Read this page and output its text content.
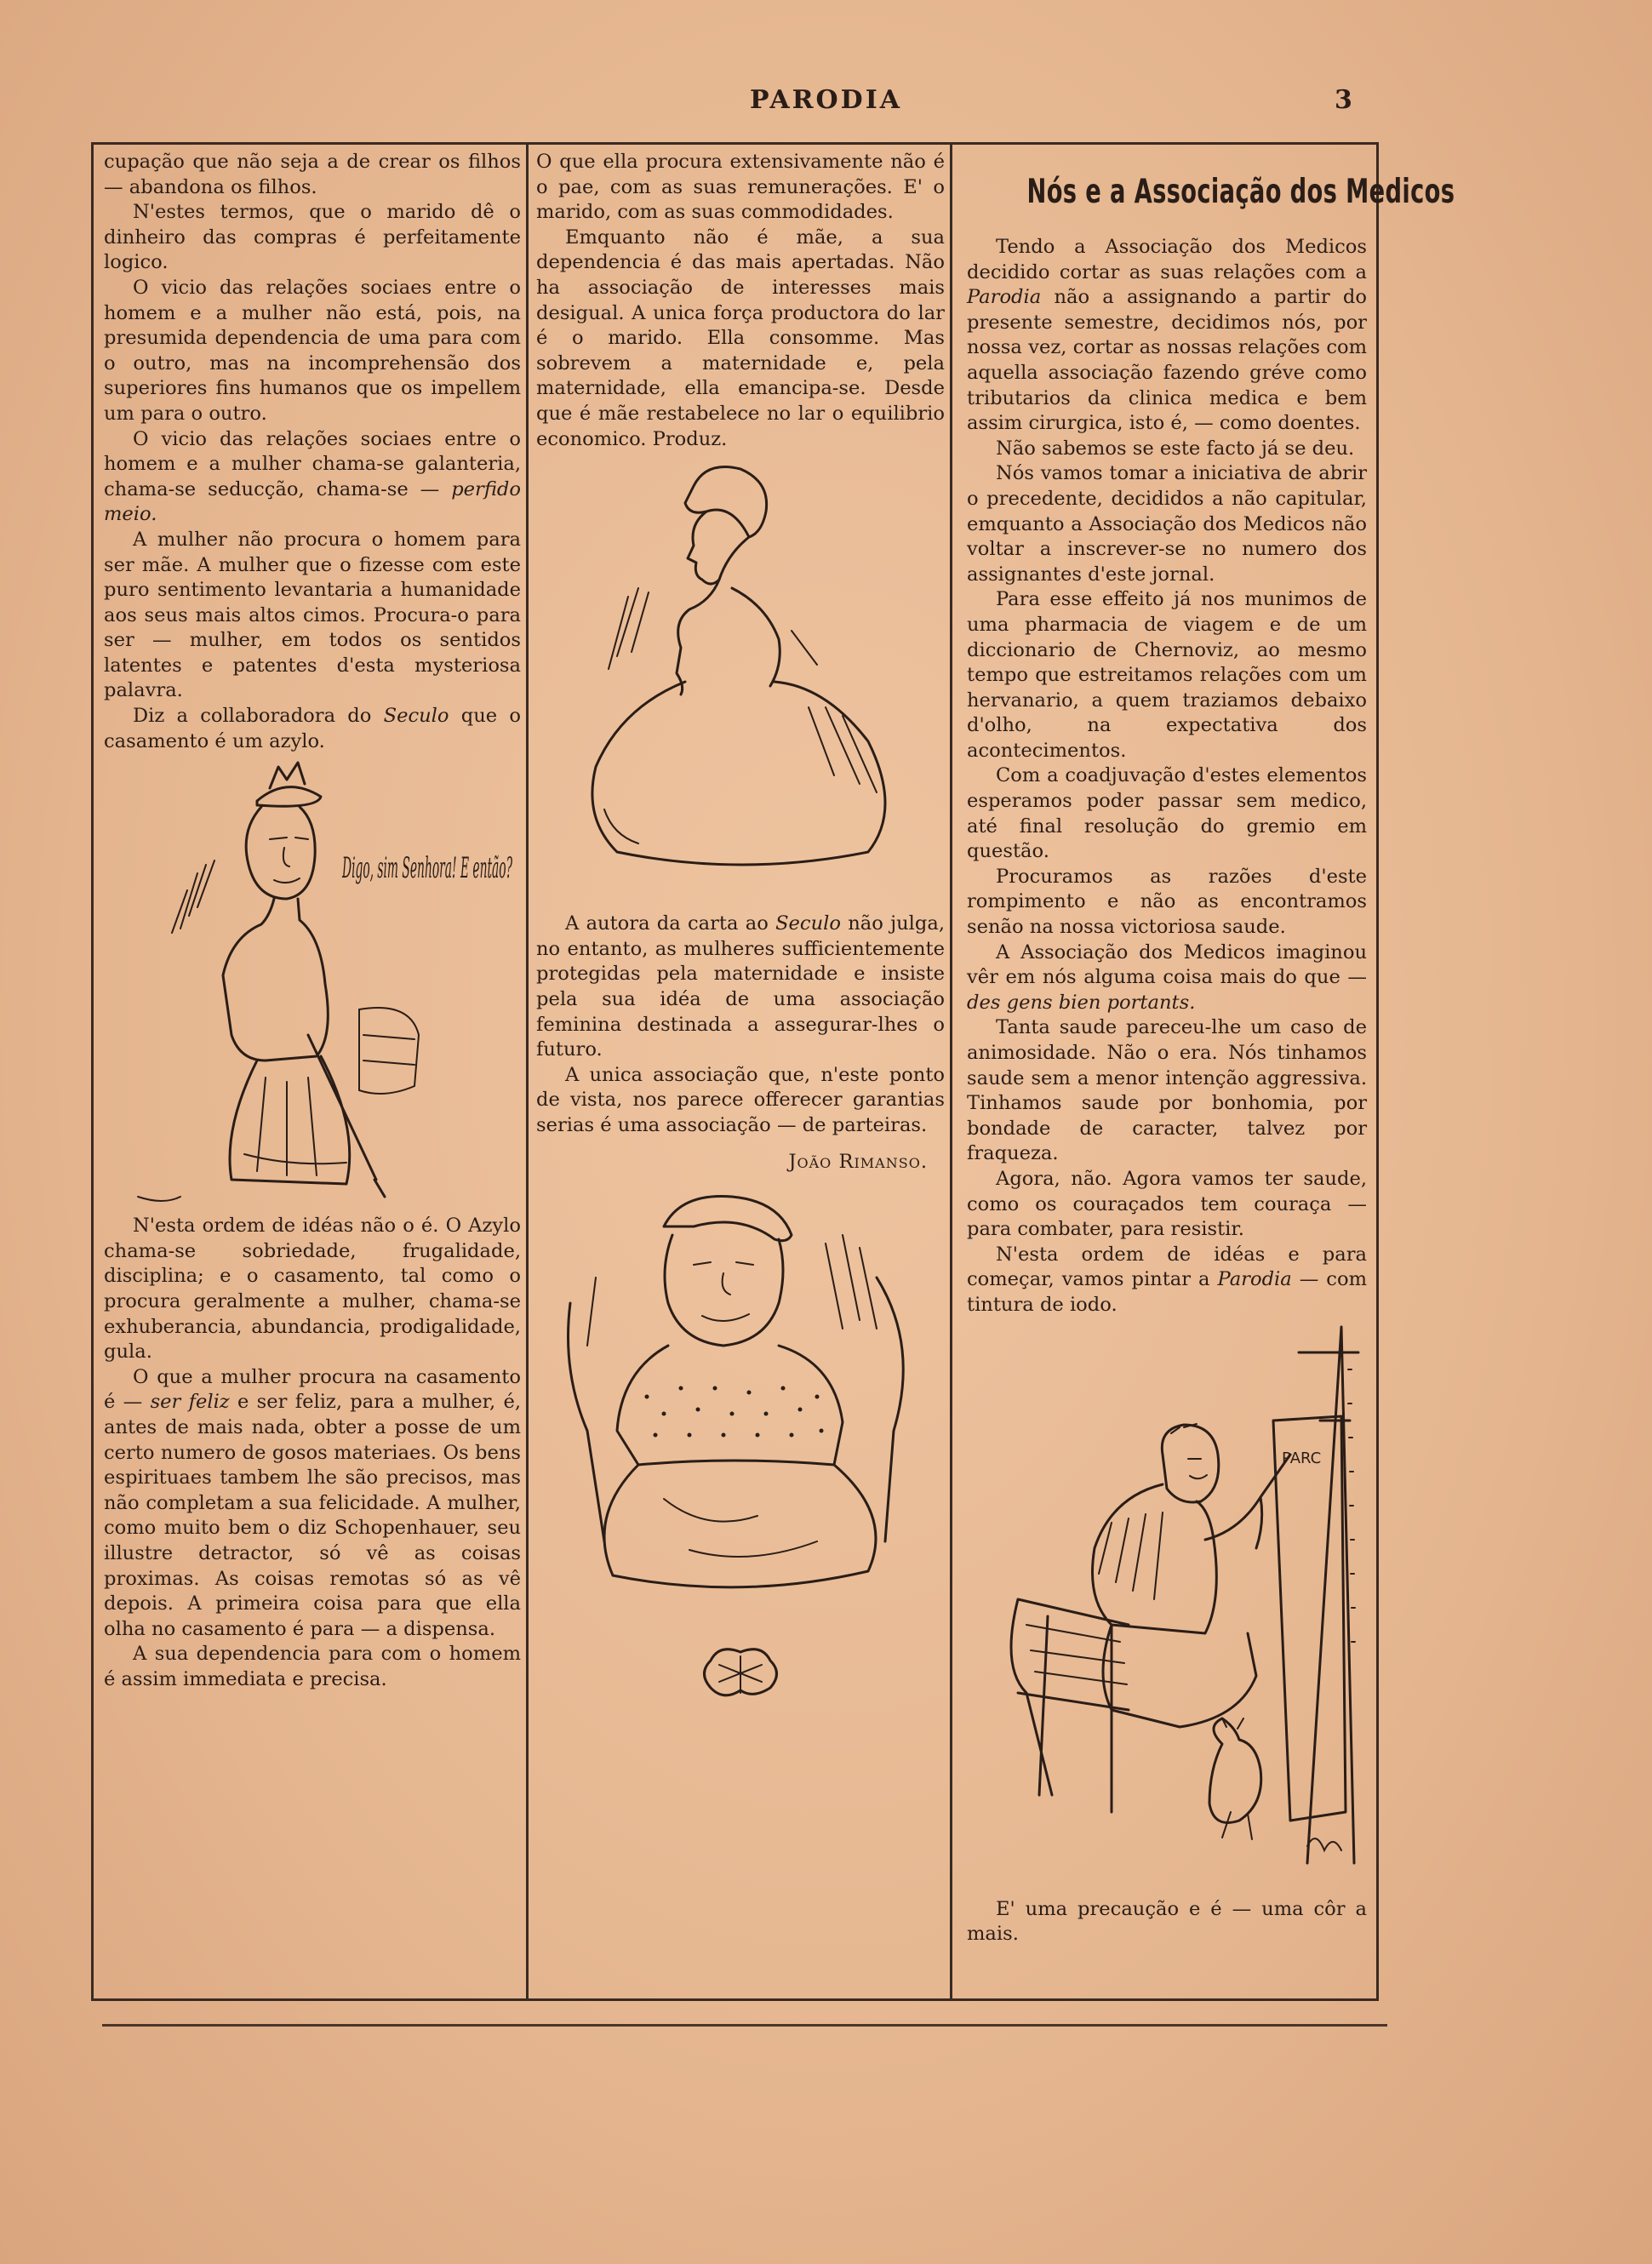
PARODIA	3

cupação que não seja a de crear os filhos — abandona os filhos.

N'estes termos, que o marido dê o dinheiro das compras é perfeitamente logico.

O vicio das relações sociaes entre o homem e a mulher não está, pois, na presumida dependencia de uma para com o outro, mas na incomprehensão dos superiores fins humanos que os impellem um para o outro.

O vicio das relações sociaes entre o homem e a mulher chama-se galanteria, chama-se seducção, chama-se — perfido meio.

A mulher não procura o homem para ser mãe. A mulher que o fizesse com este puro sentimento levantaria a humanidade aos seus mais altos cimos. Procura-o para ser — mulher, em todos os sentidos latentes e patentes d'esta mysteriosa palavra.

Diz a collaboradora do Seculo que o casamento é um azylo.

Digo, sim Senhora! E então?

N'esta ordem de idéas não o é. O Azylo chama-se sobriedade, frugalidade, disciplina; e o casamento, tal como o procura geralmente a mulher, chama-se exhuberancia, abundancia, prodigalidade, gula.

O que a mulher procura na casamento é — ser feliz e ser feliz, para a mulher, é, antes de mais nada, obter a posse de um certo numero de gosos materiaes. Os bens espirituaes tambem lhe são precisos, mas não completam a sua felicidade. A mulher, como muito bem o diz Schopenhauer, seu illustre detractor, só vê as coisas proximas. As coisas remotas só as vê depois. A primeira coisa para que ella olha no casamento é para — a dispensa.

A sua dependencia para com o homem é assim immediata e precisa.

O que ella procura extensivamente não é o pae, com as suas remunerações. E' o marido, com as suas commodidades.

Emquanto não é mãe, a sua dependencia é das mais apertadas. Não ha associação de interesses mais desigual. A unica força productora do lar é o marido. Ella consomme. Mas sobrevem a maternidade e, pela maternidade, ella emancipa-se. Desde que é mãe restabelece no lar o equilibrio economico. Produz.

A autora da carta ao Seculo não julga, no entanto, as mulheres sufficientemente protegidas pela maternidade e insiste pela sua idéa de uma associação feminina destinada a assegurar-lhes o futuro.

A unica associação que, n'este ponto de vista, nos parece offerecer garantias serias é uma associação — de parteiras.

João Rimanso.

Nós e a Associação dos Medicos

Tendo a Associação dos Medicos decidido cortar as suas relações com a Parodia não a assignando a partir do presente semestre, decidimos nós, por nossa vez, cortar as nossas relações com aquella associação fazendo gréve como tributarios da clinica medica e bem assim cirurgica, isto é, — como doentes.

Não sabemos se este facto já se deu.

Nós vamos tomar a iniciativa de abrir o precedente, decididos a não capitular, emquanto a Associação dos Medicos não voltar a inscrever-se no numero dos assignantes d'este jornal.

Para esse effeito já nos munimos de uma pharmacia de viagem e de um diccionario de Chernoviz, ao mesmo tempo que estreitamos relações com um hervanario, a quem traziamos debaixo d'olho, na expectativa dos acontecimentos.

Com a coadjuvação d'estes elementos esperamos poder passar sem medico, até final resolução do gremio em questão.

Procuramos as razões d'este rompimento e não as encontramos senão na nossa victoriosa saude.

A Associação dos Medicos imaginou vêr em nós alguma coisa mais do que — des gens bien portants.

Tanta saude pareceu-lhe um caso de animosidade. Não o era. Nós tinhamos saude sem a menor intenção aggressiva. Tinhamos saude por bonhomia, por bondade de caracter, talvez por fraqueza.

Agora, não. Agora vamos ter saude, como os couraçados tem couraça — para combater, para resistir.

N'esta ordem de idéas e para começar, vamos pintar a Parodia — com tintura de iodo.

PARC

E' uma precaução e é — uma côr a mais.
